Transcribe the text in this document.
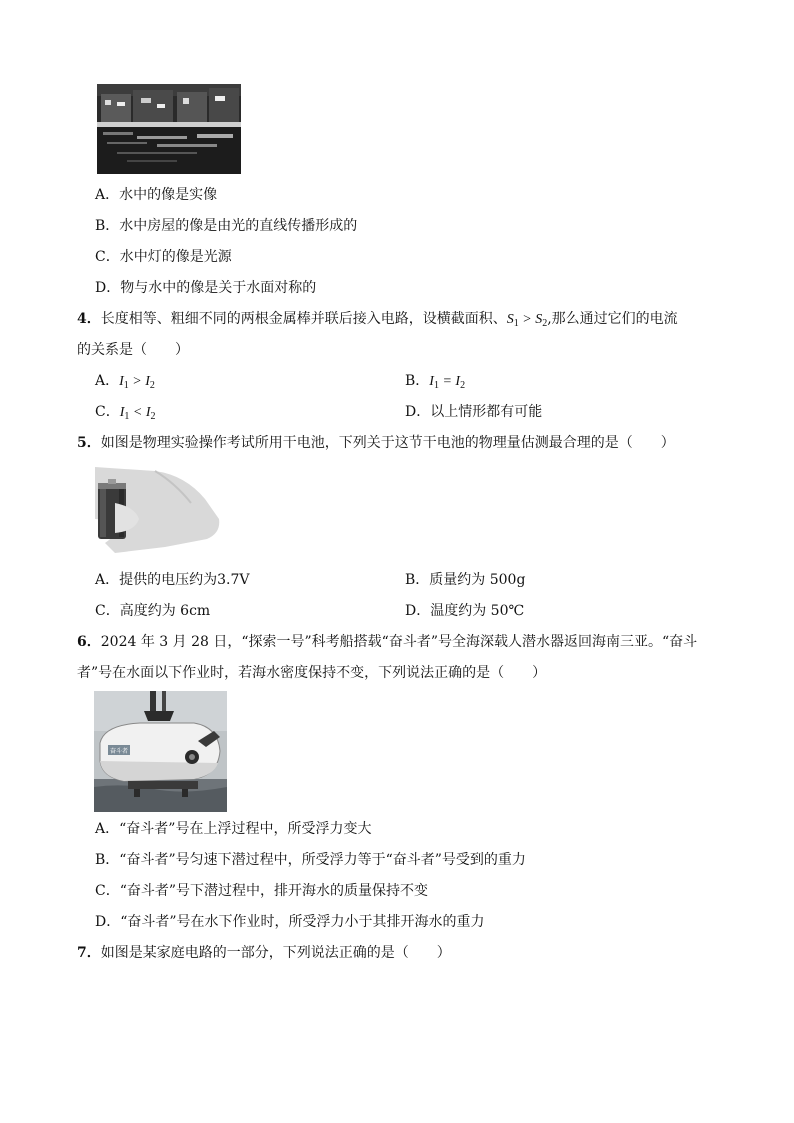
A．水中的像是实像
B．水中房屋的像是由光的直线传播形成的
C．水中灯的像是光源
D．物与水中的像是关于水面对称的
4．长度相等、粗细不同的两根金属棒并联后接入电路，设横截面积、$S_1 > S_2$,那么通过它们的电流
的关系是（　　）
A．$I_1 > I_2$	B．$I_1 = I_2$
C．$I_1 < I_2$	D．以上情形都有可能
5．如图是物理实验操作考试所用干电池，下列关于这节干电池的物理量估测最合理的是（　　）
A．提供的电压约为3.7V	B．质量约为 500g
C．高度约为 6cm	D．温度约为 50℃
6．2024 年 3 月 28 日，“探索一号”科考船搭载“奋斗者”号全海深载人潜水器返回海南三亚。“奋斗
者”号在水面以下作业时，若海水密度保持不变，下列说法正确的是（　　）
奋斗者
A．“奋斗者”号在上浮过程中，所受浮力变大
B．“奋斗者”号匀速下潜过程中，所受浮力等于“奋斗者”号受到的重力
C．“奋斗者”号下潜过程中，排开海水的质量保持不变
D．“奋斗者”号在水下作业时，所受浮力小于其排开海水的重力
7．如图是某家庭电路的一部分，下列说法正确的是（　　）
